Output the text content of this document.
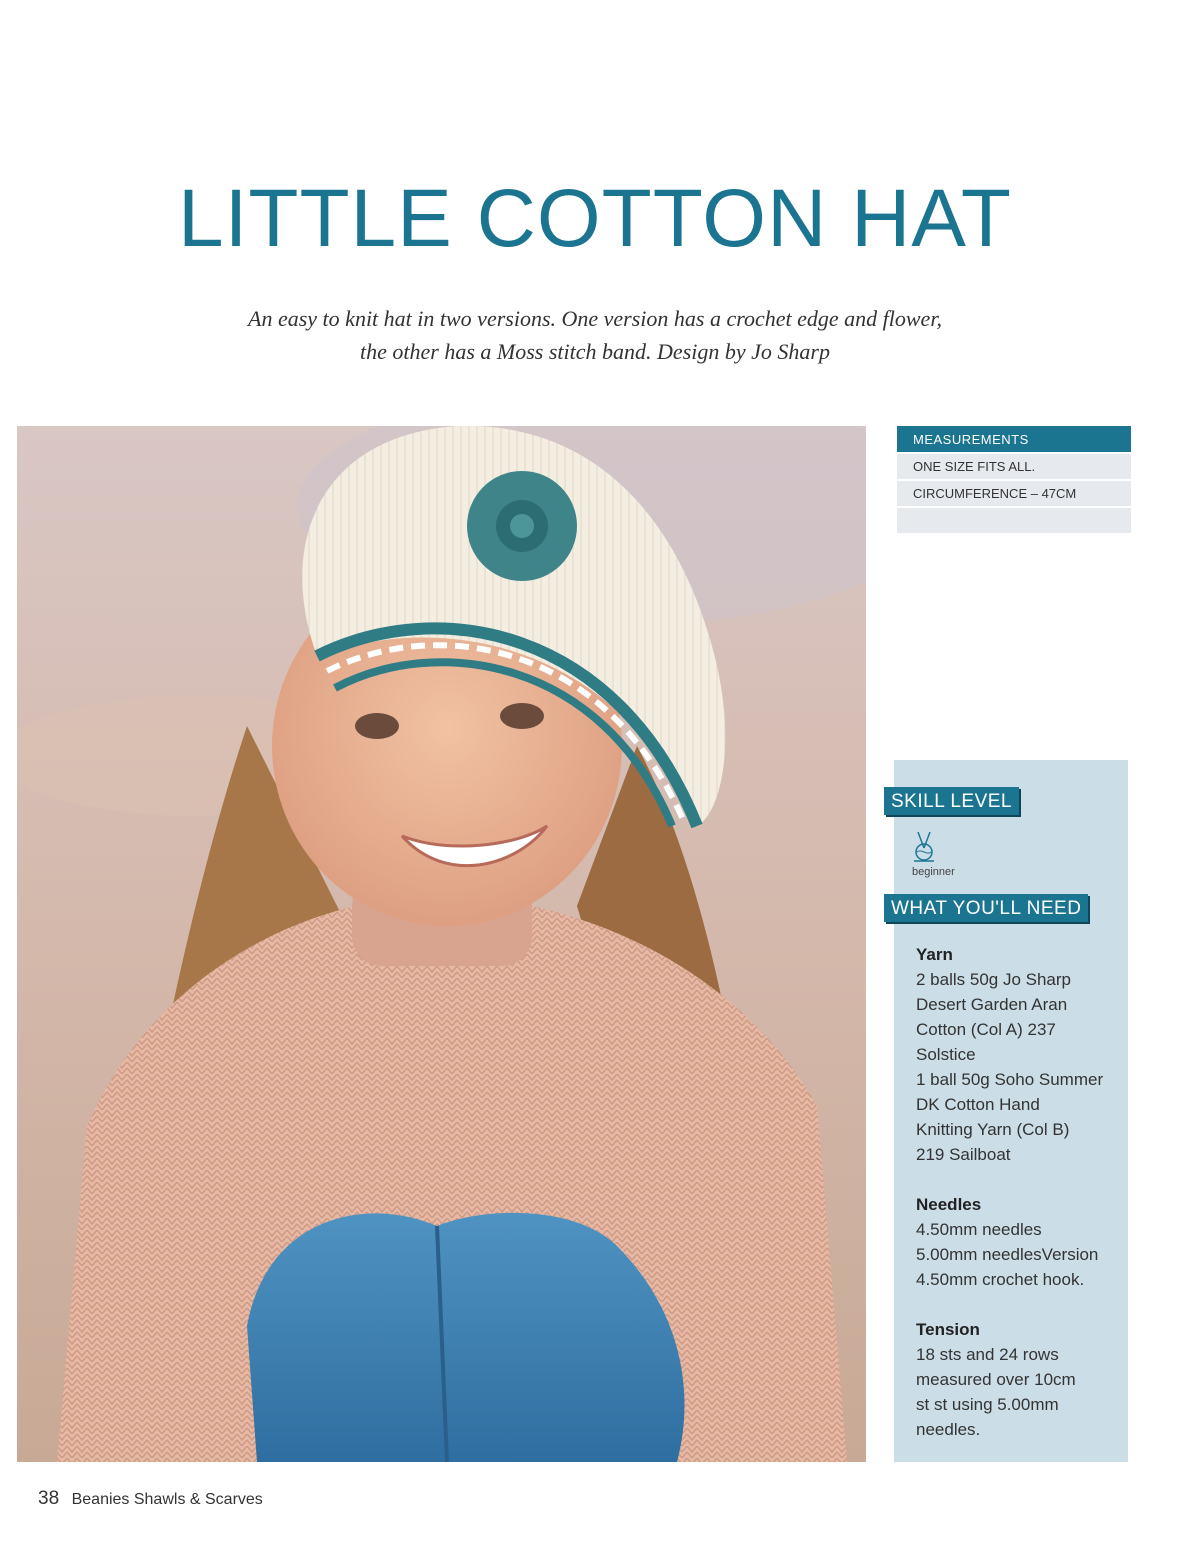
LITTLE COTTON HAT
An easy to knit hat in two versions. One version has a crochet edge and flower,
the other has a Moss stitch band. Design by Jo Sharp
MEASUREMENTS
ONE SIZE FITS ALL.
CIRCUMFERENCE – 47CM
SKILL LEVEL
beginner
WHAT YOU'LL NEED
Yarn
2 balls 50g Jo Sharp
Desert Garden Aran
Cotton (Col A) 237
Solstice
1 ball 50g Soho Summer
DK Cotton Hand
Knitting Yarn (Col B)
219 Sailboat
Needles
4.50mm needles
5.00mm needlesVersion
4.50mm crochet hook.
Tension
18 sts and 24 rows
measured over 10cm
st st using 5.00mm
needles.
38 Beanies Shawls & Scarves
